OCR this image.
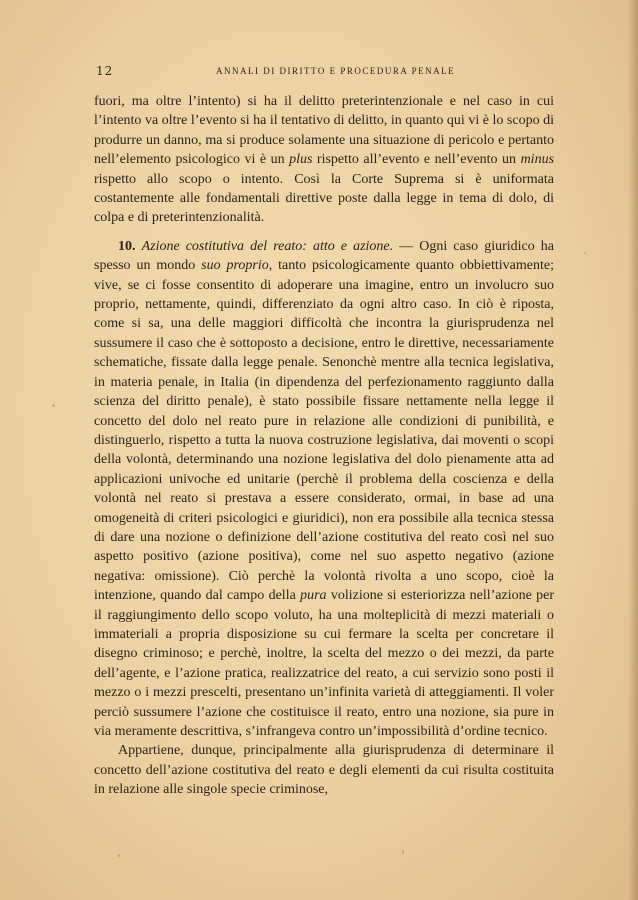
12	ANNALI DI DIRITTO E PROCEDURA PENALE

fuori, ma oltre l’intento) si ha il delitto preterintenzionale e nel caso in cui l’intento va oltre l’evento si ha il tentativo di delitto, in quanto qui vi è lo scopo di produrre un danno, ma si produce solamente una situazione di pericolo e pertanto nell’elemento psicologico vi è un plus rispetto all’evento e nell’evento un minus rispetto allo scopo o intento. Così la Corte Suprema si è uniformata costantemente alle fondamentali direttive poste dalla legge in tema di dolo, di colpa e di preterintenzionalità.

10. Azione costitutiva del reato: atto e azione. — Ogni caso giuridico ha spesso un mondo suo proprio, tanto psicologicamente quanto obbiettivamente; vive, se ci fosse consentito di adoperare una imagine, entro un involucro suo proprio, nettamente, quindi, differenziato da ogni altro caso. In ciò è riposta, come si sa, una delle maggiori difficoltà che incontra la giurisprudenza nel sussumere il caso che è sottoposto a decisione, entro le direttive, necessariamente schematiche, fissate dalla legge penale. Senonchè mentre alla tecnica legislativa, in materia penale, in Italia (in dipendenza del perfezionamento raggiunto dalla scienza del diritto penale), è stato possibile fissare nettamente nella legge il concetto del dolo nel reato pure in relazione alle condizioni di punibilità, e distinguerlo, rispetto a tutta la nuova costruzione legislativa, dai moventi o scopi della volontà, determinando una nozione legislativa del dolo pienamente atta ad applicazioni univoche ed unitarie (perchè il problema della coscienza e della volontà nel reato si prestava a essere considerato, ormai, in base ad una omogeneità di criteri psicologici e giuridici), non era possibile alla tecnica stessa di dare una nozione o definizione dell’azione costitutiva del reato così nel suo aspetto positivo (azione positiva), come nel suo aspetto negativo (azione negativa: omissione). Ciò perchè la volontà rivolta a uno scopo, cioè la intenzione, quando dal campo della pura volizione si esteriorizza nell’azione per il raggiungimento dello scopo voluto, ha una molteplicità di mezzi materiali o immateriali a propria disposizione su cui fermare la scelta per concretare il disegno criminoso; e perchè, inoltre, la scelta del mezzo o dei mezzi, da parte dell’agente, e l’azione pratica, realizzatrice del reato, a cui servizio sono posti il mezzo o i mezzi prescelti, presentano un’infinita varietà di atteggiamenti. Il voler perciò sussumere l’azione che costituisce il reato, entro una nozione, sia pure in via meramente descrittiva, s’infrangeva contro un’impossibilità d’ordine tecnico.

Appartiene, dunque, principalmente alla giurisprudenza di determinare il concetto dell’azione costitutiva del reato e degli elementi da cui risulta costituita in relazione alle singole specie criminose,
